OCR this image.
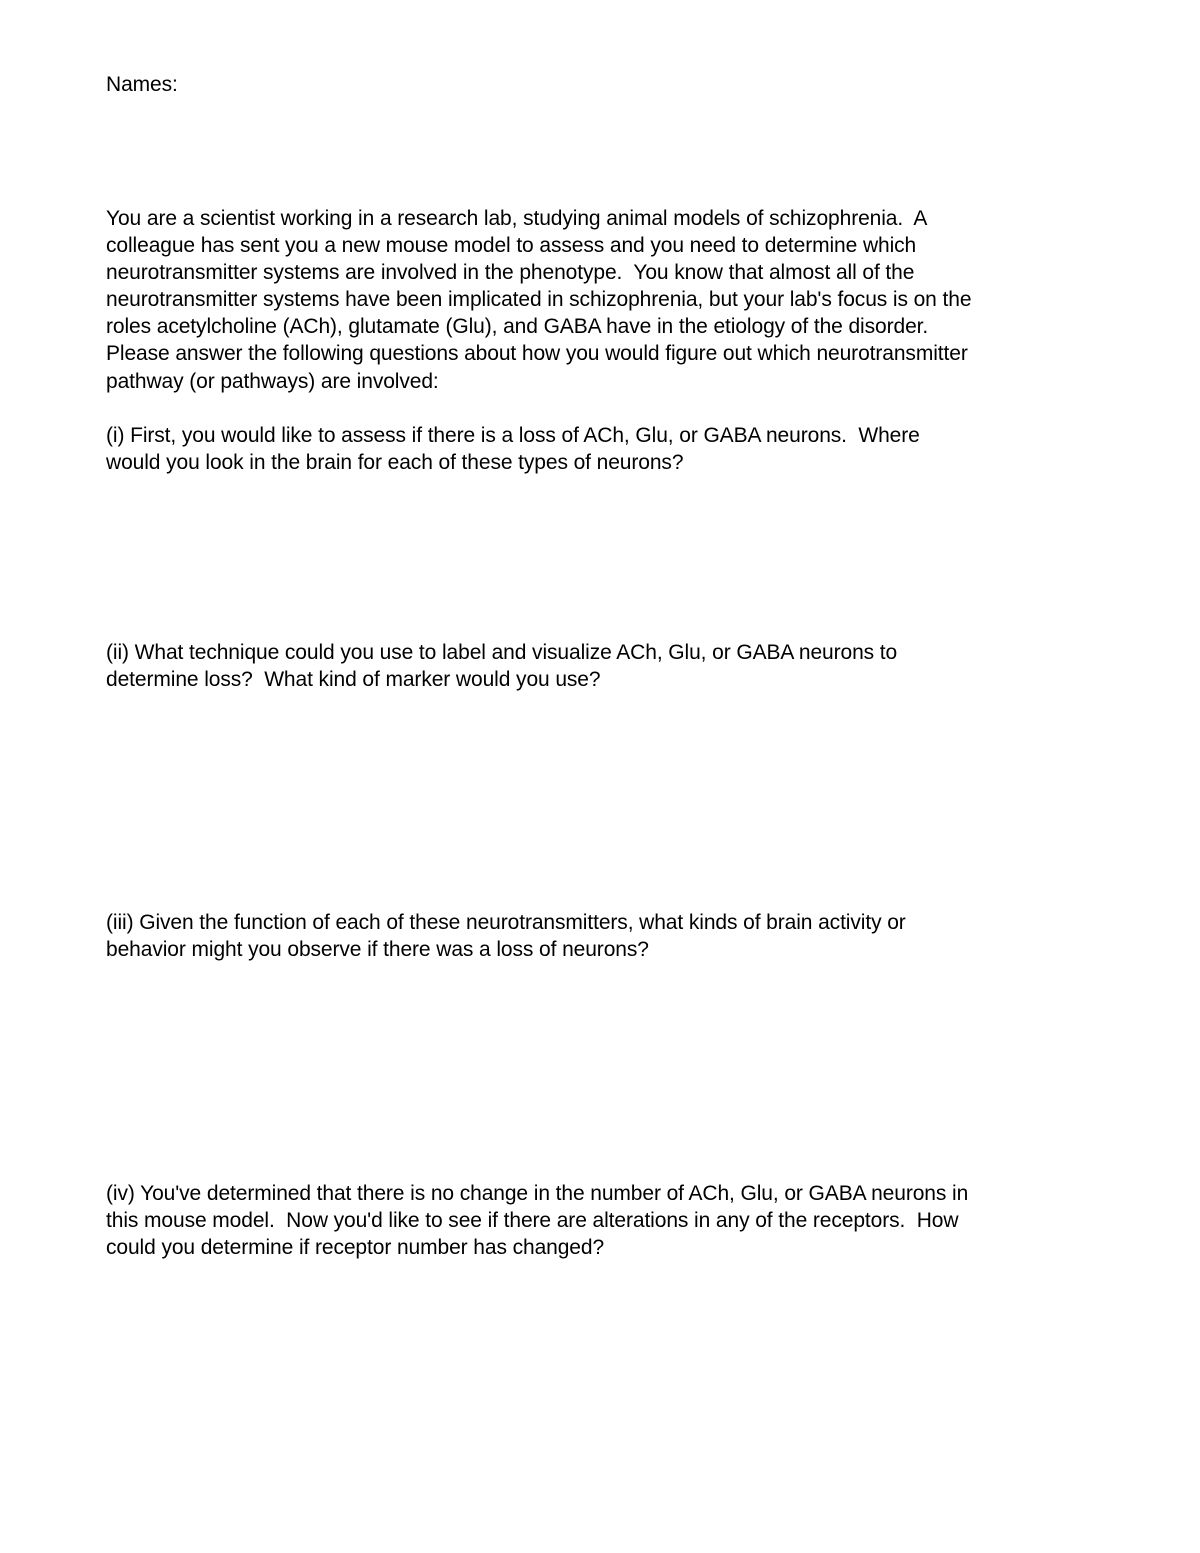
Names:
You are a scientist working in a research lab, studying animal models of schizophrenia.  A
colleague has sent you a new mouse model to assess and you need to determine which
neurotransmitter systems are involved in the phenotype.  You know that almost all of the
neurotransmitter systems have been implicated in schizophrenia, but your lab's focus is on the
roles acetylcholine (ACh), glutamate (Glu), and GABA have in the etiology of the disorder.
Please answer the following questions about how you would figure out which neurotransmitter
pathway (or pathways) are involved:
(i) First, you would like to assess if there is a loss of ACh, Glu, or GABA neurons.  Where
would you look in the brain for each of these types of neurons?
(ii) What technique could you use to label and visualize ACh, Glu, or GABA neurons to
determine loss?  What kind of marker would you use?
(iii) Given the function of each of these neurotransmitters, what kinds of brain activity or
behavior might you observe if there was a loss of neurons?
(iv) You've determined that there is no change in the number of ACh, Glu, or GABA neurons in
this mouse model.  Now you'd like to see if there are alterations in any of the receptors.  How
could you determine if receptor number has changed?
